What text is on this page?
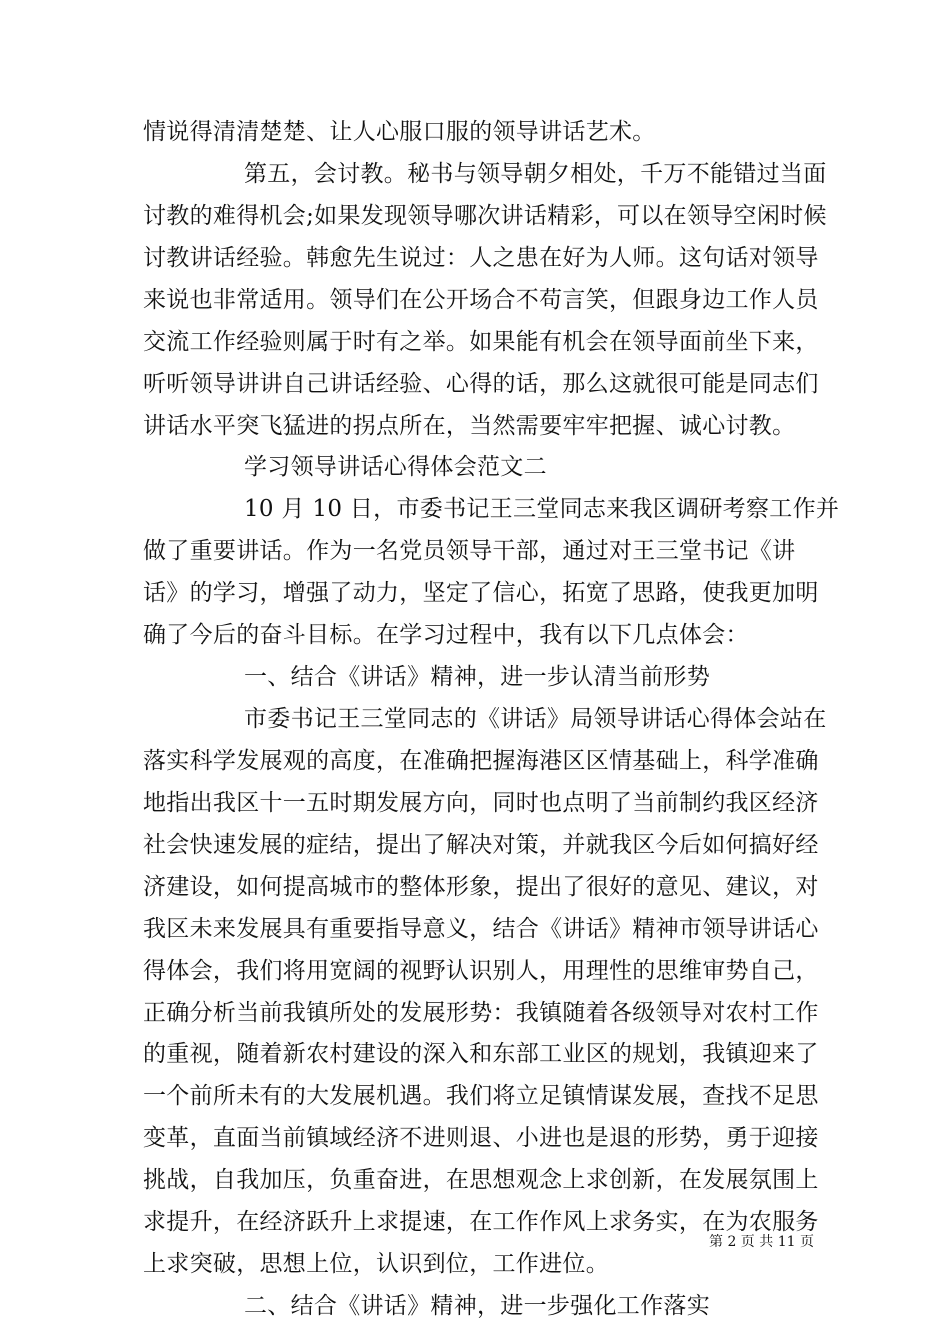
情说得清清楚楚、让人心服口服的领导讲话艺术。
第五，会讨教。秘书与领导朝夕相处，千万不能错过当面
讨教的难得机会;如果发现领导哪次讲话精彩，可以在领导空闲时候
讨教讲话经验。韩愈先生说过：人之患在好为人师。这句话对领导
来说也非常适用。领导们在公开场合不苟言笑，但跟身边工作人员
交流工作经验则属于时有之举。如果能有机会在领导面前坐下来，
听听领导讲讲自己讲话经验、心得的话，那么这就很可能是同志们
讲话水平突飞猛进的拐点所在，当然需要牢牢把握、诚心讨教。
学习领导讲话心得体会范文二
10 月 10 日，市委书记王三堂同志来我区调研考察工作并
做了重要讲话。作为一名党员领导干部，通过对王三堂书记《讲
话》的学习，增强了动力，坚定了信心，拓宽了思路，使我更加明
确了今后的奋斗目标。在学习过程中，我有以下几点体会：
一、结合《讲话》精神，进一步认清当前形势
市委书记王三堂同志的《讲话》局领导讲话心得体会站在
落实科学发展观的高度，在准确把握海港区区情基础上，科学准确
地指出我区十一五时期发展方向，同时也点明了当前制约我区经济
社会快速发展的症结，提出了解决对策，并就我区今后如何搞好经
济建设，如何提高城市的整体形象，提出了很好的意见、建议，对
我区未来发展具有重要指导意义，结合《讲话》精神市领导讲话心
得体会，我们将用宽阔的视野认识别人，用理性的思维审势自己，
正确分析当前我镇所处的发展形势：我镇随着各级领导对农村工作
的重视，随着新农村建设的深入和东部工业区的规划，我镇迎来了
一个前所未有的大发展机遇。我们将立足镇情谋发展，查找不足思
变革，直面当前镇域经济不进则退、小进也是退的形势，勇于迎接
挑战，自我加压，负重奋进，在思想观念上求创新，在发展氛围上
求提升，在经济跃升上求提速，在工作作风上求务实，在为农服务
上求突破，思想上位，认识到位，工作进位。
二、结合《讲话》精神，进一步强化工作落实
第 2 页 共 11 页
